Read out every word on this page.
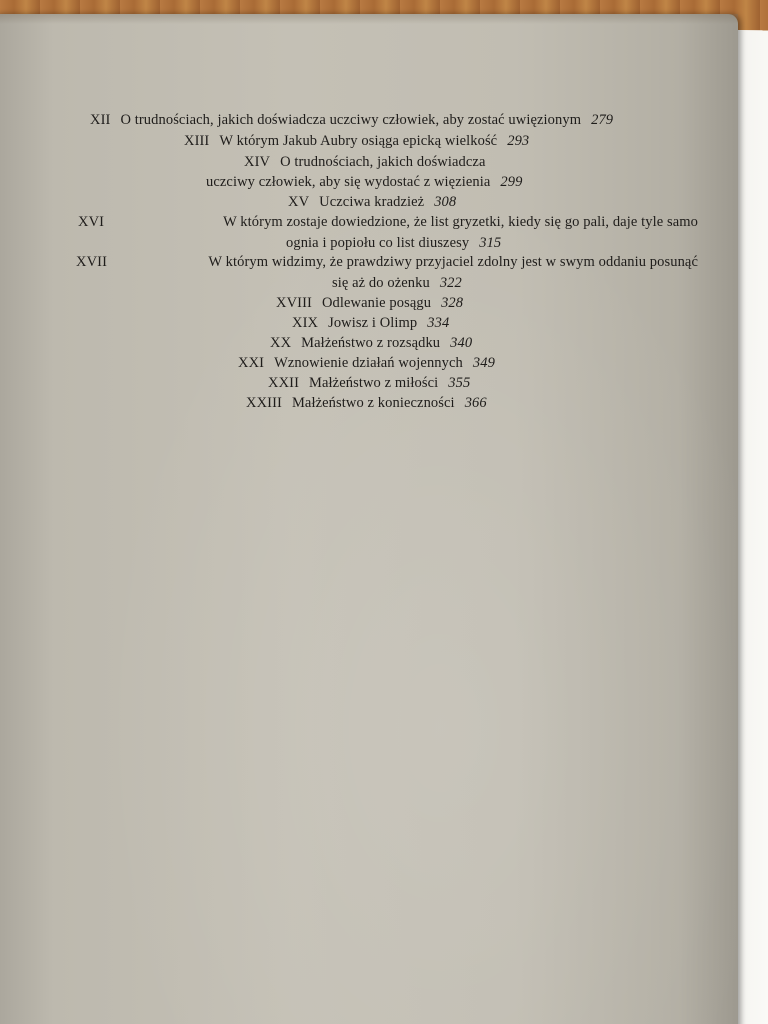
XII O trudnościach, jakich doświadcza uczciwy człowiek, aby zostać uwięzionym 279
XIII W którym Jakub Aubry osiąga epicką wielkość 293
XIV O trudnościach, jakich doświadcza
uczciwy człowiek, aby się wydostać z więzienia 299
XV Uczciwa kradzież 308
XVI	W którym zostaje dowiedzione, że list gryzetki, kiedy się go pali, daje tyle samo
ognia i popiołu co list diuszesy 315
XVII	W którym widzimy, że prawdziwy przyjaciel zdolny jest w swym oddaniu posunąć
się aż do ożenku 322
XVIII Odlewanie posągu 328
XIX Jowisz i Olimp 334
XX Małżeństwo z rozsądku 340
XXI Wznowienie działań wojennych 349
XXII Małżeństwo z miłości 355
XXIII Małżeństwo z konieczności 366
